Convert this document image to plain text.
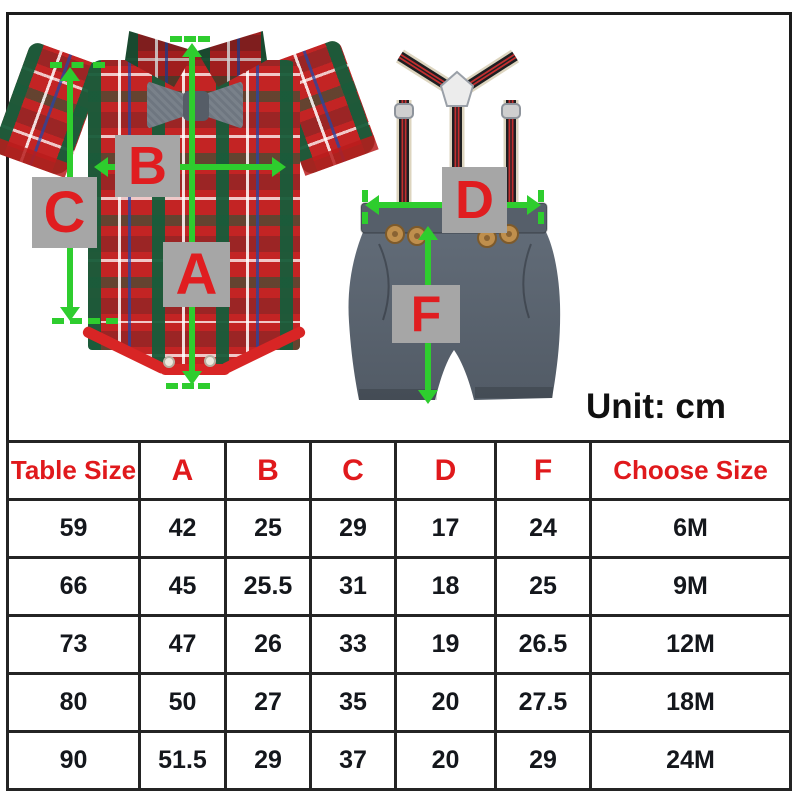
B
C
A
D
F
Unit: cm
Table Size	A	B	C	D	F	Choose Size
59	42	25	29	17	24	6M
66	45	25.5	31	18	25	9M
73	47	26	33	19	26.5	12M
80	50	27	35	20	27.5	18M
90	51.5	29	37	20	29	24M
